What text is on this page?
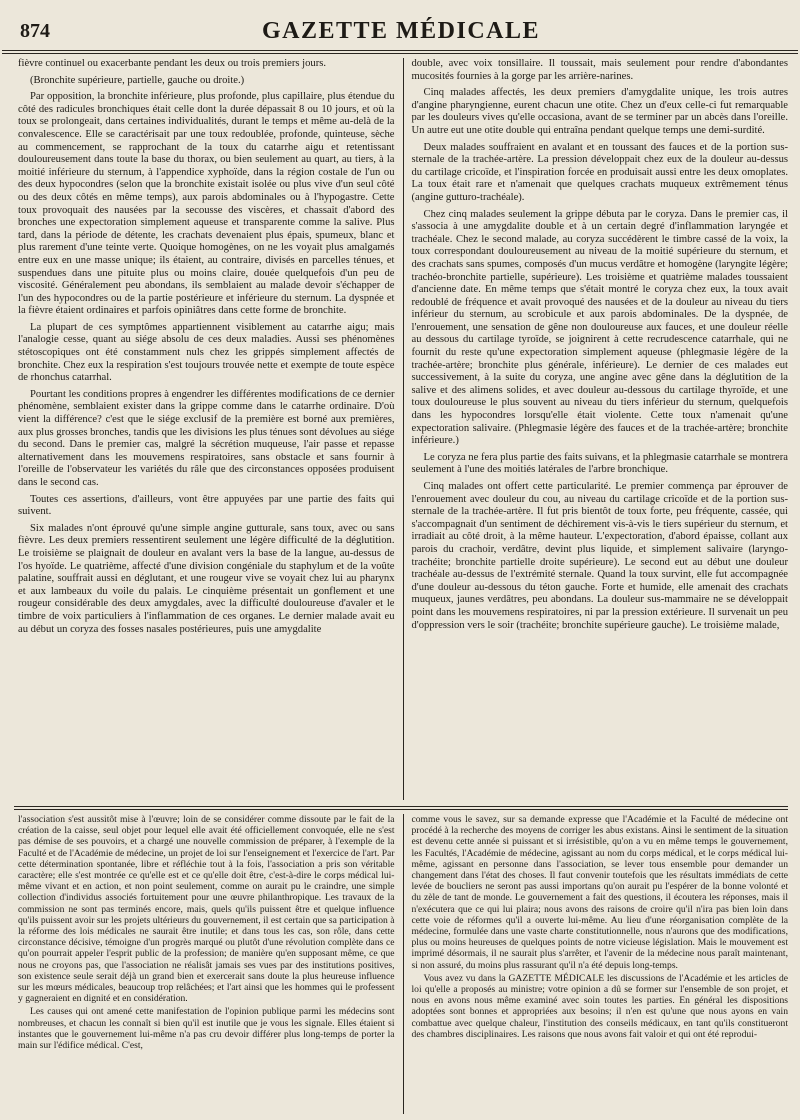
874	GAZETTE MÉDICALE

fièvre continuel ou exacerbante pendant les deux ou trois premiers jours.

(Bronchite supérieure, partielle, gauche ou droite.)

Par opposition, la bronchite inférieure, plus profonde, plus capillaire, plus étendue du côté des radicules bronchiques était celle dont la durée dépassait 8 ou 10 jours, et où la toux se prolongeait, dans certaines individualités, durant le temps et même au-delà de la convalescence. Elle se caractérisait par une toux redoublée, profonde, quinteuse, sèche au commencement, se rapprochant de la toux du catarrhe aigu et retentissant douloureusement dans toute la base du thorax, ou bien seulement au quart, au tiers, à la moitié inférieure du sternum, à l'appendice xyphoïde, dans la région costale de l'un ou des deux hypocondres (selon que la bronchite existait isolée ou plus vive d'un seul côté ou des deux côtés en même temps), aux parois abdominales ou à l'hypogastre. Cette toux provoquait des nausées par la secousse des viscères, et chassait d'abord des bronches une expectoration simplement aqueuse et transparente comme la salive. Plus tard, dans la période de détente, les crachats devenaient plus épais, spumeux, blanc et plus rarement d'une teinte verte. Quoique homogènes, on ne les voyait plus amalgamés entre eux en une masse unique; ils étaient, au contraire, divisés en parcelles ténues, et suspendues dans une pituite plus ou moins claire, douée quelquefois d'un peu de viscosité. Généralement peu abondans, ils semblaient au malade devoir s'échapper de l'un des hypocondres ou de la partie postérieure et inférieure du sternum. La dyspnée et la fièvre étaient ordinaires et parfois opiniâtres dans cette forme de bronchite.

La plupart de ces symptômes appartiennent visiblement au catarrhe aigu; mais l'analogie cesse, quant au siége absolu de ces deux maladies. Aussi ses phénomènes stétoscopiques ont été constamment nuls chez les grippés simplement affectés de bronchite. Chez eux la respiration s'est toujours trouvée nette et exempte de toute espèce de rhonchus catarrhal.

Pourtant les conditions propres à engendrer les différentes modifications de ce dernier phénomène, semblaient exister dans la grippe comme dans le catarrhe ordinaire. D'où vient la différence? c'est que le siége exclusif de la première est borné aux premières, aux plus grosses bronches, tandis que les divisions les plus ténues sont dévolues au siége du second. Dans le premier cas, malgré la sécrétion muqueuse, l'air passe et repasse alternativement dans les mouvemens respiratoires, sans obstacle et sans fournir à l'oreille de l'observateur les variétés du râle que des circonstances opposées produisent dans le second cas.

Toutes ces assertions, d'ailleurs, vont être appuyées par une partie des faits qui suivent.

Six malades n'ont éprouvé qu'une simple angine gutturale, sans toux, avec ou sans fièvre. Les deux premiers ressentirent seulement une légère difficulté de la déglutition. Le troisième se plaignait de douleur en avalant vers la base de la langue, au-dessus de l'os hyoïde. Le quatrième, affecté d'une division congéniale du staphylum et de la voûte palatine, souffrait aussi en déglutant, et une rougeur vive se voyait chez lui au pharynx et aux lambeaux du voile du palais. Le cinquième présentait un gonflement et une rougeur considérable des deux amygdales, avec la difficulté douloureuse d'avaler et le timbre de voix particuliers à l'inflammation de ces organes. Le dernier malade avait eu au début un coryza des fosses nasales postérieures, puis une amygdalite

double, avec voix tonsillaire. Il toussait, mais seulement pour rendre d'abondantes mucosités fournies à la gorge par les arrière-narines.

Cinq malades affectés, les deux premiers d'amygdalite unique, les trois autres d'angine pharyngienne, eurent chacun une otite. Chez un d'eux celle-ci fut remarquable par les douleurs vives qu'elle occasiona, avant de se terminer par un abcès dans l'oreille. Un autre eut une otite double qui entraîna pendant quelque temps une demi-surdité.

Deux malades souffraient en avalant et en toussant des fauces et de la portion sus-sternale de la trachée-artère. La pression développait chez eux de la douleur au-dessus du cartilage cricoïde, et l'inspiration forcée en produisait aussi entre les deux omoplates. La toux était rare et n'amenait que quelques crachats muqueux extrêmement ténus (angine gutturo-trachéale).

Chez cinq malades seulement la grippe débuta par le coryza. Dans le premier cas, il s'associa à une amygdalite double et à un certain degré d'inflammation laryngée et trachéale. Chez le second malade, au coryza succédèrent le timbre cassé de la voix, la toux correspondant douloureusement au niveau de la moitié supérieure du sternum, et des crachats sans spumes, composés d'un mucus verdâtre et homogène (laryngite légère; trachéo-bronchite partielle, supérieure). Les troisième et quatrième malades toussaient d'ancienne date. En même temps que s'était montré le coryza chez eux, la toux avait redoublé de fréquence et avait provoqué des nausées et de la douleur au niveau du tiers inférieur du sternum, au scrobicule et aux parois abdominales. De la dyspnée, de l'enrouement, une sensation de gêne non douloureuse aux fauces, et une douleur réelle au dessous du cartilage tyroïde, se joignirent à cette recrudescence catarrhale, qui ne fournit du reste qu'une expectoration simplement aqueuse (phlegmasie légère de la trachée-artère; bronchite plus générale, inférieure). Le dernier de ces malades eut successivement, à la suite du coryza, une angine avec gêne dans la déglutition de la salive et des alimens solides, et avec douleur au-dessous du cartilage thyroïde, et une toux douloureuse le plus souvent au niveau du tiers inférieur du sternum, quelquefois dans les hypocondres lorsqu'elle était violente. Cette toux n'amenait qu'une expectoration salivaire. (Phlegmasie légère des fauces et de la trachée-artère; bronchite inférieure.)

Le coryza ne fera plus partie des faits suivans, et la phlegmasie catarrhale se montrera seulement à l'une des moitiés latérales de l'arbre bronchique.

Cinq malades ont offert cette particularité. Le premier commença par éprouver de l'enrouement avec douleur du cou, au niveau du cartilage cricoïde et de la portion sus-sternale de la trachée-artère. Il fut pris bientôt de toux forte, peu fréquente, cassée, qui s'accompagnait d'un sentiment de déchirement vis-à-vis le tiers supérieur du sternum, et irradiait au côté droit, à la même hauteur. L'expectoration, d'abord épaisse, collant aux parois du crachoir, verdâtre, devint plus liquide, et simplement salivaire (laryngo-trachéite; bronchite partielle droite supérieure). Le second eut au début une douleur trachéale au-dessus de l'extrémité sternale. Quand la toux survint, elle fut accompagnée d'une douleur au-dessous du téton gauche. Forte et humide, elle amenait des crachats muqueux, jaunes verdâtres, peu abondans. La douleur sus-mammaire ne se développait point dans les mouvemens respiratoires, ni par la pression extérieure. Il survenait un peu d'oppression vers le soir (trachéite; bronchite supérieure gauche). Le troisième malade,

l'association s'est aussitôt mise à l'œuvre; loin de se considérer comme dissoute par le fait de la création de la caisse, seul objet pour lequel elle avait été officiellement convoquée, elle ne s'est pas démise de ses pouvoirs, et a chargé une nouvelle commission de préparer, à l'exemple de la Faculté et de l'Académie de médecine, un projet de loi sur l'enseignement et l'exercice de l'art. Par cette détermination spontanée, libre et réfléchie tout à la fois, l'association a pris son véritable caractère; elle s'est montrée ce qu'elle est et ce qu'elle doit être, c'est-à-dire le corps médical lui-même vivant et en action, et non point seulement, comme on aurait pu le craindre, une simple collection d'individus associés fortuitement pour une œuvre philanthropique. Les travaux de la commission ne sont pas terminés encore, mais, quels qu'ils puissent être et quelque influence qu'ils puissent avoir sur les projets ultérieurs du gouvernement, il est certain que sa participation à la réforme des lois médicales ne saurait être inutile; et dans tous les cas, son rôle, dans cette circonstance décisive, témoigne d'un progrès marqué ou plutôt d'une révolution complète dans ce qu'on pourrait appeler l'esprit public de la profession; de manière qu'en supposant même, ce que nous ne croyons pas, que l'association ne réalisât jamais ses vues par des institutions positives, son existence seule serait déjà un grand bien et exercerait sans doute la plus heureuse influence sur les mœurs médicales, beaucoup trop relâchées; et l'art ainsi que les hommes qui le professent y gagneraient en dignité et en considération.

Les causes qui ont amené cette manifestation de l'opinion publique parmi les médecins sont nombreuses, et chacun les connaît si bien qu'il est inutile que je vous les signale. Elles étaient si instantes que le gouvernement lui-même n'a pas cru devoir différer plus long-temps de porter la main sur l'édifice médical. C'est,

comme vous le savez, sur sa demande expresse que l'Académie et la Faculté de médecine ont procédé à la recherche des moyens de corriger les abus existans. Ainsi le sentiment de la situation est devenu cette année si puissant et si irrésistible, qu'on a vu en même temps le gouvernement, les Facultés, l'Académie de médecine, agissant au nom du corps médical, et le corps médical lui-même, agissant en personne dans l'association, se lever tous ensemble pour demander un changement dans l'état des choses. Il faut convenir toutefois que les résultats immédiats de cette levée de boucliers ne seront pas aussi importans qu'on aurait pu l'espérer de la bonne volonté et du zèle de tant de monde. Le gouvernement a fait des questions, il écoutera les réponses, mais il n'exécutera que ce qui lui plaira; nous avons des raisons de croire qu'il n'ira pas bien loin dans cette voie de réformes qu'il a ouverte lui-même. Au lieu d'une réorganisation complète de la médecine, formulée dans une vaste charte constitutionnelle, nous n'aurons que des modifications, plus ou moins heureuses de quelques points de notre vicieuse législation. Mais le mouvement est imprimé désormais, il ne saurait plus s'arrêter, et l'avenir de la médecine nous paraît maintenant, si non assuré, du moins plus rassurant qu'il n'a été depuis long-temps.

Vous avez vu dans la GAZETTE MÉDICALE les discussions de l'Académie et les articles de loi qu'elle a proposés au ministre; votre opinion a dû se former sur l'ensemble de son projet, et nous en avons nous même examiné avec soin toutes les parties. En général les dispositions adoptées sont bonnes et appropriées aux besoins; il n'en est qu'une que nous ayons en vain combattue avec quelque chaleur, l'institution des conseils médicaux, en tant qu'ils constitueront des chambres disciplinaires. Les raisons que nous avons fait valoir et qui ont été reprodui-
